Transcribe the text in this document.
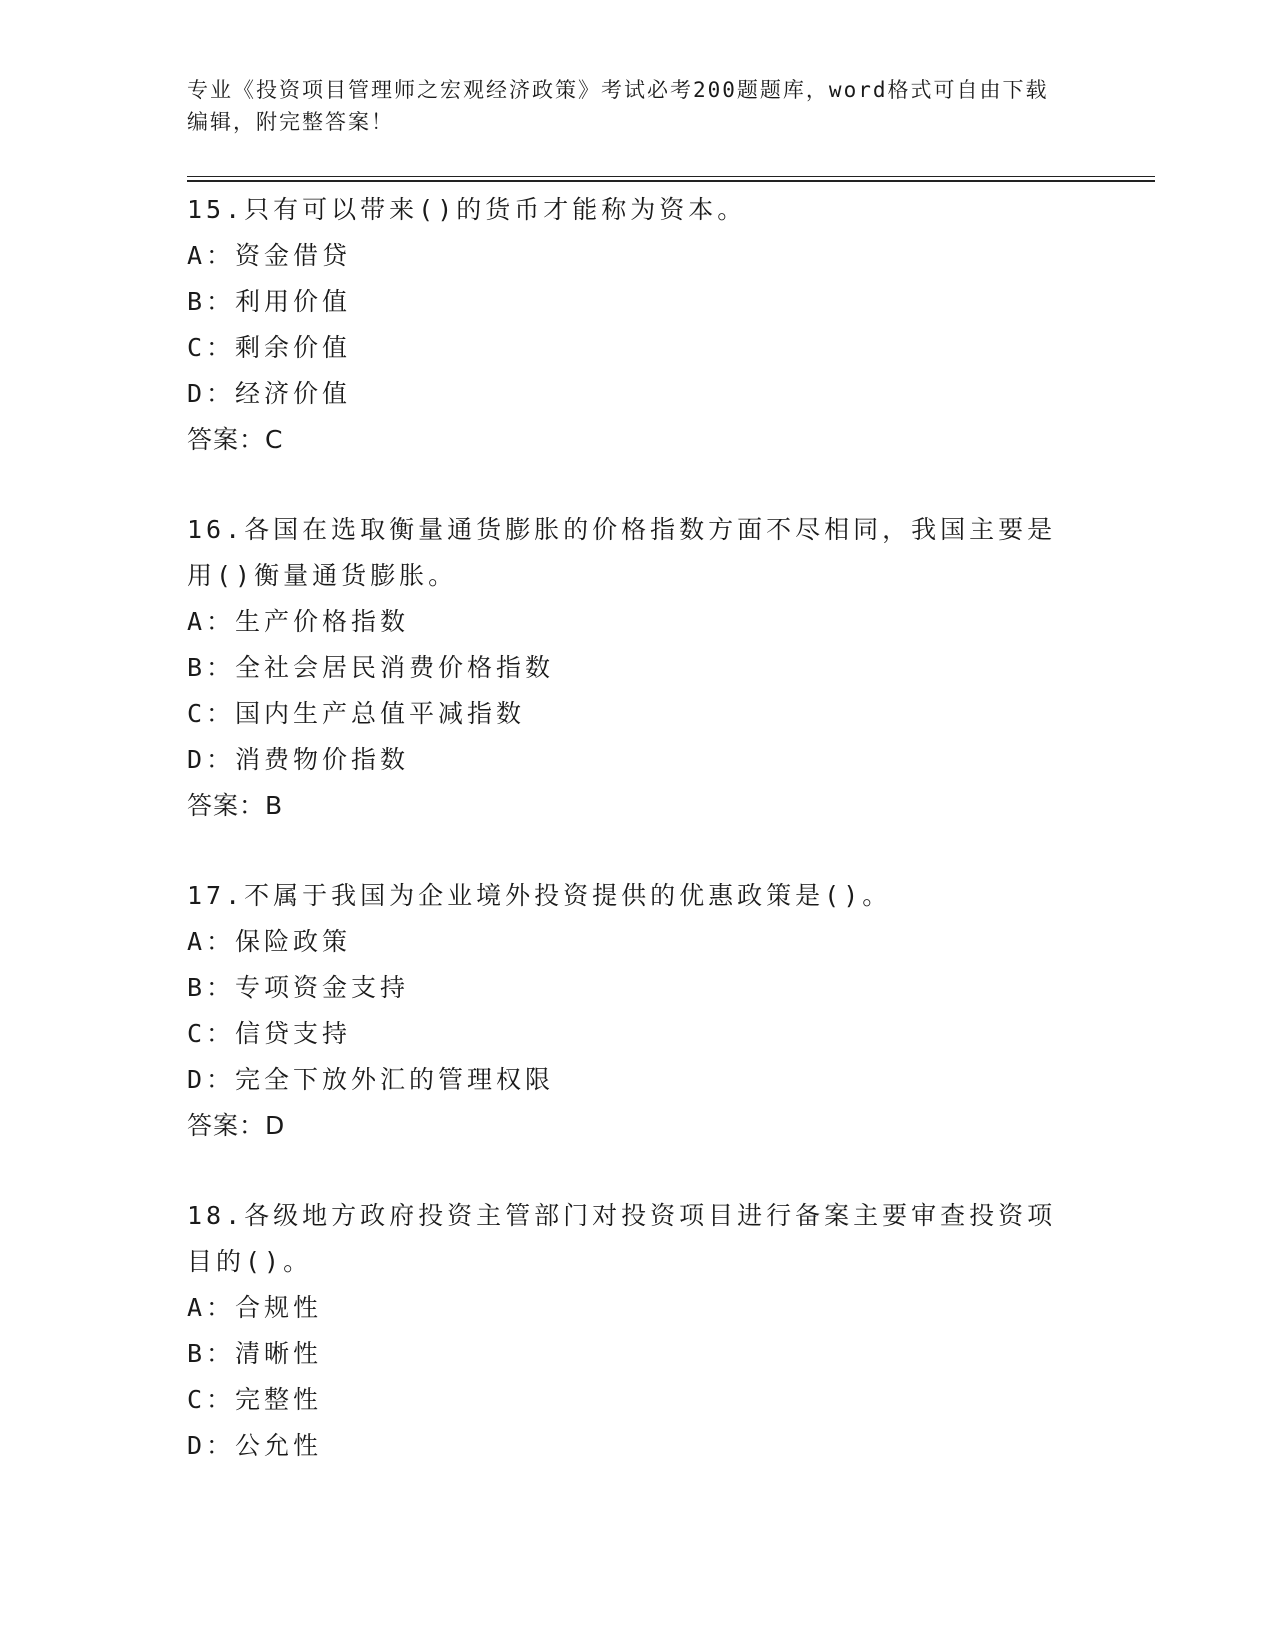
专业《投资项目管理师之宏观经济政策》考试必考200题题库，word格式可自由下载编辑，附完整答案！
15.只有可以带来()的货币才能称为资本。
A：资金借贷
B：利用价值
C：剩余价值
D：经济价值
答案：C
16.各国在选取衡量通货膨胀的价格指数方面不尽相同，我国主要是用()衡量通货膨胀。
A：生产价格指数
B：全社会居民消费价格指数
C：国内生产总值平减指数
D：消费物价指数
答案：B
17.不属于我国为企业境外投资提供的优惠政策是()。
A：保险政策
B：专项资金支持
C：信贷支持
D：完全下放外汇的管理权限
答案：D
18.各级地方政府投资主管部门对投资项目进行备案主要审查投资项目的()。
A：合规性
B：清晰性
C：完整性
D：公允性
